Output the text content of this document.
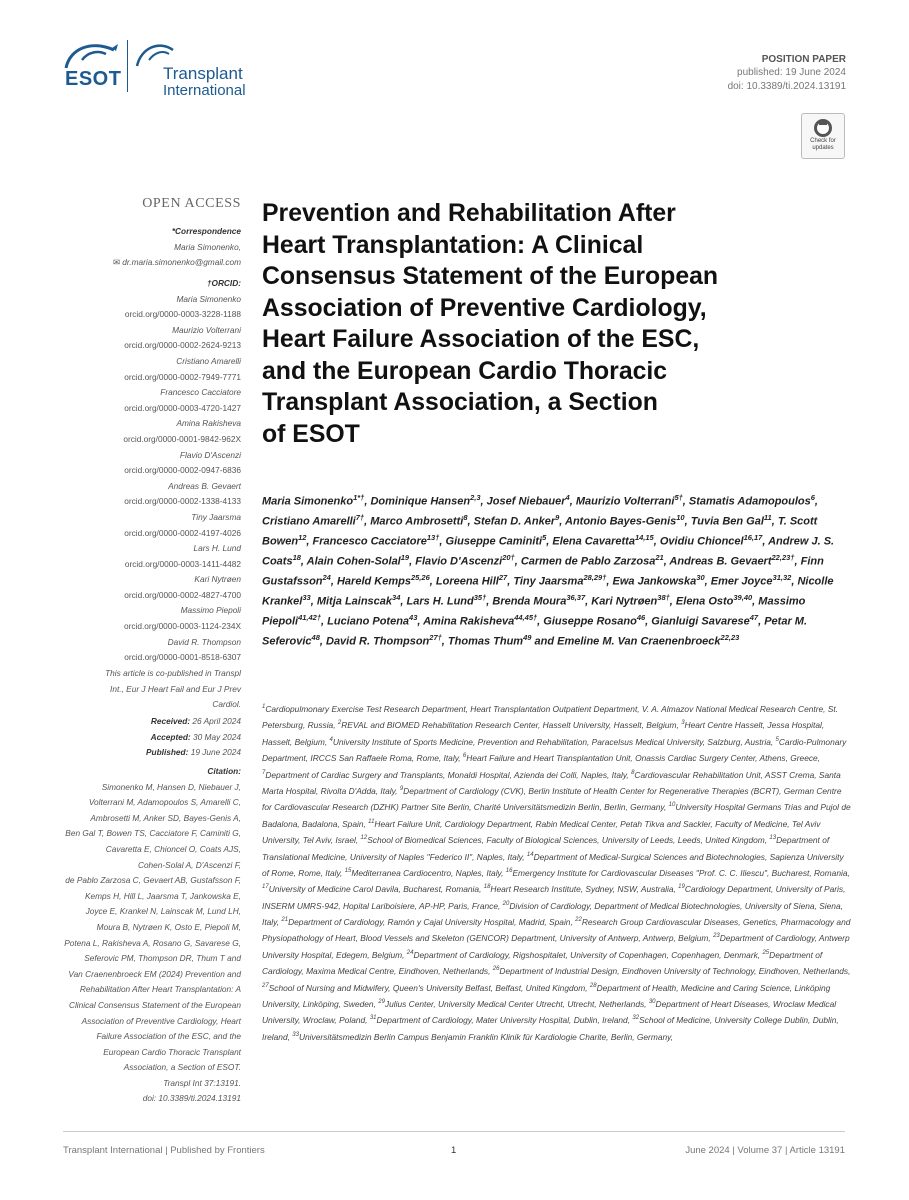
ESOT Transplant
International
POSITION PAPER
published: 19 June 2024
doi: 10.3389/ti.2024.13191
Check for updates
OPEN ACCESS
*Correspondence
Maria Simonenko,
✉ dr.maria.simonenko@gmail.com
†ORCID:
Maria Simonenko
orcid.org/0000-0003-3228-1188
Maurizio Volterrani
orcid.org/0000-0002-2624-9213
Cristiano Amarelli
orcid.org/0000-0002-7949-7771
Francesco Cacciatore
orcid.org/0000-0003-4720-1427
Amina Rakisheva
orcid.org/0000-0001-9842-962X
Flavio D'Ascenzi
orcid.org/0000-0002-0947-6836
Andreas B. Gevaert
orcid.org/0000-0002-1338-4133
Tiny Jaarsma
orcid.org/0000-0002-4197-4026
Lars H. Lund
orcid.org/0000-0003-1411-4482
Kari Nytrøen
orcid.org/0000-0002-4827-4700
Massimo Piepoli
orcid.org/0000-0003-1124-234X
David R. Thompson
orcid.org/0000-0001-8518-6307
This article is co-published in Transpl
Int., Eur J Heart Fail and Eur J Prev
Cardiol.
Received: 26 April 2024
Accepted: 30 May 2024
Published: 19 June 2024
Citation:
Simonenko M, Hansen D, Niebauer J,
Volterrani M, Adamopoulos S, Amarelli C,
Ambrosetti M, Anker SD, Bayes-Genis A,
Ben Gal T, Bowen TS, Cacciatore F, Caminiti G,
Cavaretta E, Chioncel O, Coats AJS,
Cohen-Solal A, D'Ascenzi F,
de Pablo Zarzosa C, Gevaert AB, Gustafsson F,
Kemps H, Hill L, Jaarsma T, Jankowska E,
Joyce E, Krankel N, Lainscak M, Lund LH,
Moura B, Nytrøen K, Osto E, Piepoli M,
Potena L, Rakisheva A, Rosano G, Savarese G,
Seferovic PM, Thompson DR, Thum T and
Van Craenenbroeck EM (2024) Prevention and
Rehabilitation After Heart Transplantation: A
Clinical Consensus Statement of the European
Association of Preventive Cardiology, Heart
Failure Association of the ESC, and the
European Cardio Thoracic Transplant
Association, a Section of ESOT.
Transpl Int 37:13191.
doi: 10.3389/ti.2024.13191
Prevention and Rehabilitation After
Heart Transplantation: A Clinical
Consensus Statement of the European
Association of Preventive Cardiology,
Heart Failure Association of the ESC,
and the European Cardio Thoracic
Transplant Association, a Section
of ESOT
Maria Simonenko$^{1*\dagger}$, Dominique Hansen$^{2,3}$, Josef Niebauer$^4$, Maurizio Volterrani$^{5\dagger}$, Stamatis Adamopoulos$^6$, Cristiano Amarelli$^{7\dagger}$, Marco Ambrosetti$^8$, Stefan D. Anker$^9$, Antonio Bayes-Genis$^{10}$, Tuvia Ben Gal$^{11}$, T. Scott Bowen$^{12}$, Francesco Cacciatore$^{13\dagger}$, Giuseppe Caminiti$^5$, Elena Cavaretta$^{14,15}$, Ovidiu Chioncel$^{16,17}$, Andrew J. S. Coats$^{18}$, Alain Cohen-Solal$^{19}$, Flavio D'Ascenzi$^{20\dagger}$, Carmen de Pablo Zarzosa$^{21}$, Andreas B. Gevaert$^{22,23\dagger}$, Finn Gustafsson$^{24}$, Hareld Kemps$^{25,26}$, Loreena Hill$^{27}$, Tiny Jaarsma$^{28,29\dagger}$, Ewa Jankowska$^{30}$, Emer Joyce$^{31,32}$, Nicolle Krankel$^{33}$, Mitja Lainscak$^{34}$, Lars H. Lund$^{35\dagger}$, Brenda Moura$^{36,37}$, Kari Nytrøen$^{38\dagger}$, Elena Osto$^{39,40}$, Massimo Piepoli$^{41,42\dagger}$, Luciano Potena$^{43}$, Amina Rakisheva$^{44,45\dagger}$, Giuseppe Rosano$^{46}$, Gianluigi Savarese$^{47}$, Petar M. Seferovic$^{48}$, David R. Thompson$^{27\dagger}$, Thomas Thum$^{49}$ and Emeline M. Van Craenenbroeck$^{22,23}$
$^1$Cardiopulmonary Exercise Test Research Department, Heart Transplantation Outpatient Department, V. A. Almazov National Medical Research Centre, St. Petersburg, Russia, $^2$REVAL and BIOMED Rehabilitation Research Center, Hasselt University, Hasselt, Belgium, $^3$Heart Centre Hasselt, Jessa Hospital, Hasselt, Belgium, $^4$University Institute of Sports Medicine, Prevention and Rehabilitation, Paracelsus Medical University, Salzburg, Austria, $^5$Cardio-Pulmonary Department, IRCCS San Raffaele Roma, Rome, Italy, $^6$Heart Failure and Heart Transplantation Unit, Onassis Cardiac Surgery Center, Athens, Greece, $^7$Department of Cardiac Surgery and Transplants, Monaldi Hospital, Azienda dei Colli, Naples, Italy, $^8$Cardiovascular Rehabilitation Unit, ASST Crema, Santa Marta Hospital, Rivolta D'Adda, Italy, $^9$Department of Cardiology (CVK), Berlin Institute of Health Center for Regenerative Therapies (BCRT), German Centre for Cardiovascular Research (DZHK) Partner Site Berlin, Charité Universitätsmedizin Berlin, Berlin, Germany, $^{10}$University Hospital Germans Trias and Pujol de Badalona, Badalona, Spain, $^{11}$Heart Failure Unit, Cardiology Department, Rabin Medical Center, Petah Tikva and Sackler, Faculty of Medicine, Tel Aviv University, Tel Aviv, Israel, $^{12}$School of Biomedical Sciences, Faculty of Biological Sciences, University of Leeds, Leeds, United Kingdom, $^{13}$Department of Translational Medicine, University of Naples "Federico II", Naples, Italy, $^{14}$Department of Medical-Surgical Sciences and Biotechnologies, Sapienza University of Rome, Rome, Italy, $^{15}$Mediterranea Cardiocentro, Naples, Italy, $^{16}$Emergency Institute for Cardiovascular Diseases "Prof. C. C. Iliescu", Bucharest, Romania, $^{17}$University of Medicine Carol Davila, Bucharest, Romania, $^{18}$Heart Research Institute, Sydney, NSW, Australia, $^{19}$Cardiology Department, University of Paris, INSERM UMRS-942, Hopital Lariboisiere, AP-HP, Paris, France, $^{20}$Division of Cardiology, Department of Medical Biotechnologies, University of Siena, Siena, Italy, $^{21}$Department of Cardiology, Ramón y Cajal University Hospital, Madrid, Spain, $^{22}$Research Group Cardiovascular Diseases, Genetics, Pharmacology and Physiopathology of Heart, Blood Vessels and Skeleton (GENCOR) Department, University of Antwerp, Antwerp, Belgium, $^{23}$Department of Cardiology, Antwerp University Hospital, Edegem, Belgium, $^{24}$Department of Cardiology, Rigshospitalet, University of Copenhagen, Copenhagen, Denmark, $^{25}$Department of Cardiology, Maxima Medical Centre, Eindhoven, Netherlands, $^{26}$Department of Industrial Design, Eindhoven University of Technology, Eindhoven, Netherlands, $^{27}$School of Nursing and Midwifery, Queen's University Belfast, Belfast, United Kingdom, $^{28}$Department of Health, Medicine and Caring Science, Linköping University, Linköping, Sweden, $^{29}$Julius Center, University Medical Center Utrecht, Utrecht, Netherlands, $^{30}$Department of Heart Diseases, Wroclaw Medical University, Wroclaw, Poland, $^{31}$Department of Cardiology, Mater University Hospital, Dublin, Ireland, $^{32}$School of Medicine, University College Dublin, Dublin, Ireland, $^{33}$Universitätsmedizin Berlin Campus Benjamin Franklin Klinik für Kardiologie Charite, Berlin, Germany,
Transplant International | Published by Frontiers	1	June 2024 | Volume 37 | Article 13191
